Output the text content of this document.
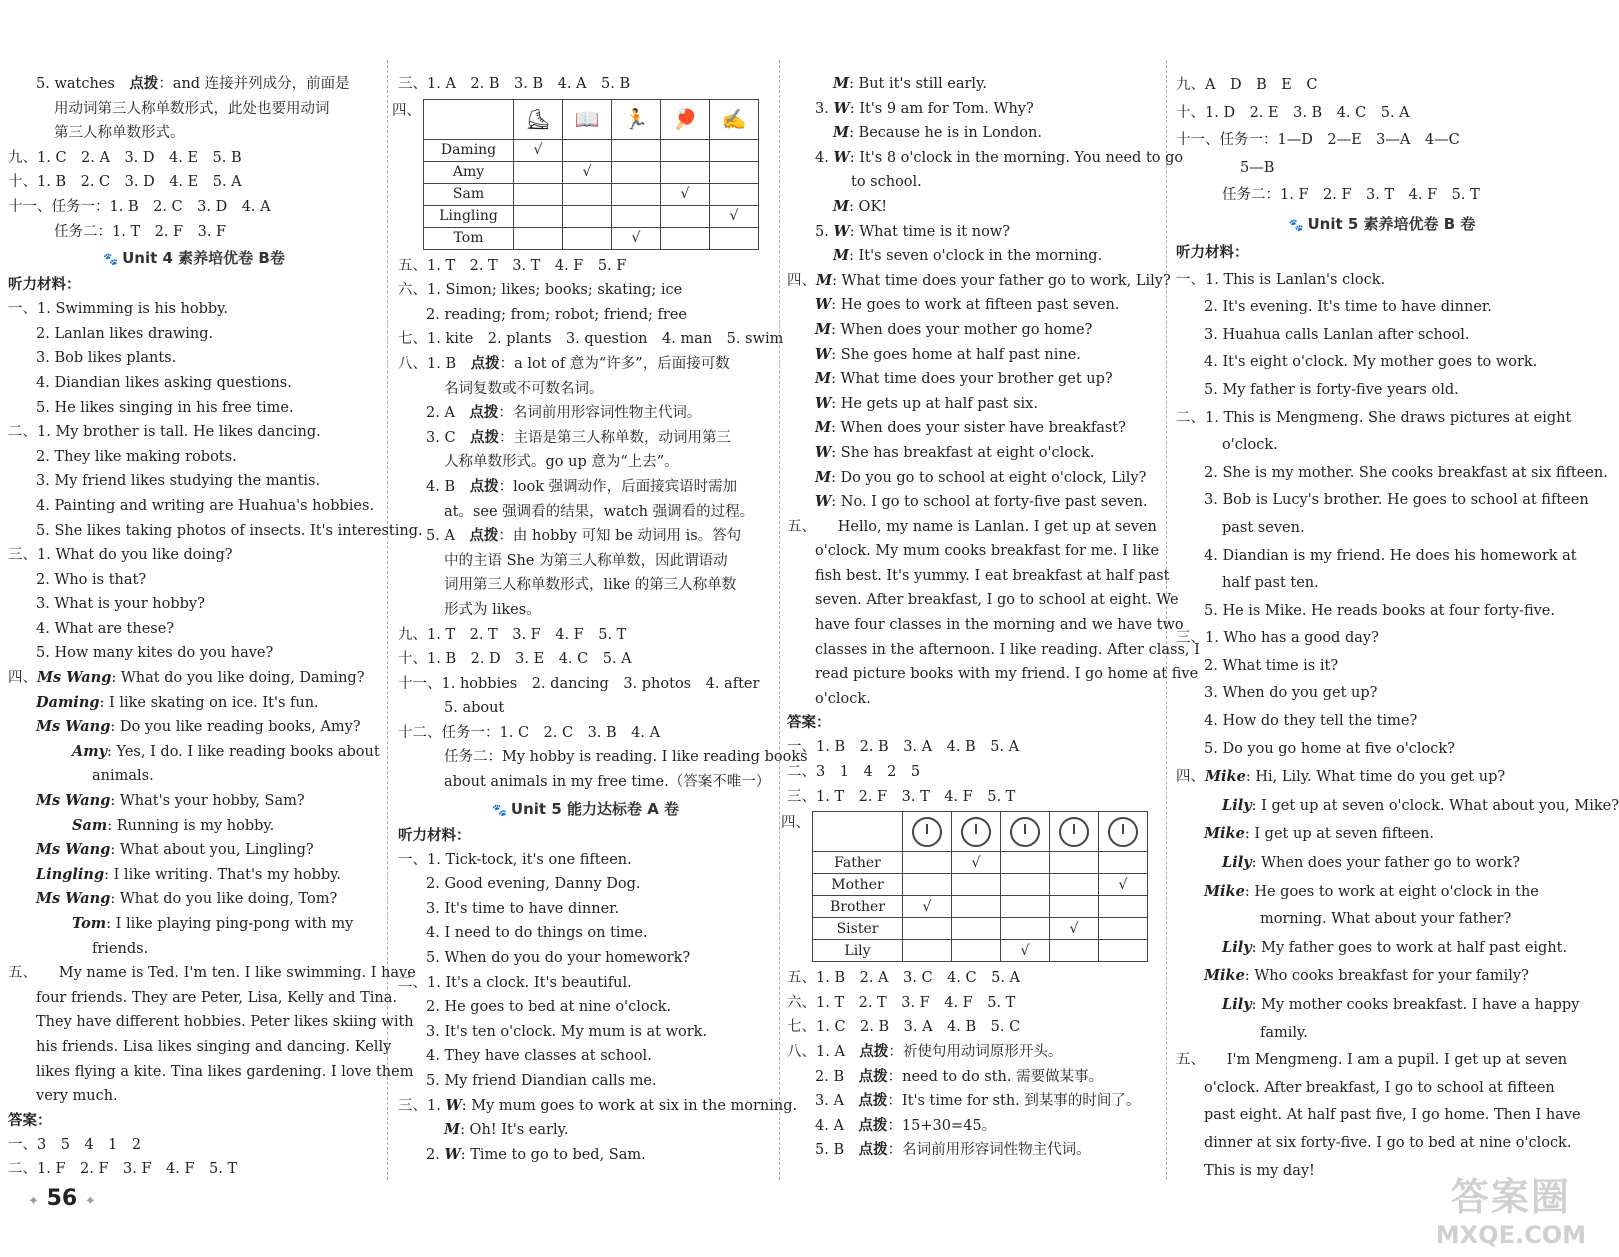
5. watches　点拨：and 连接并列成分，前面是
用动词第三人称单数形式，此处也要用动词
第三人称单数形式。
九、1. C　2. A　3. D　4. E　5. B
十、1. B　2. C　3. D　4. E　5. A
十一、任务一：1. B　2. C　3. D　4. A
任务二：1. T　2. F　3. F
🐾 Unit 4 素养培优卷 B卷
听力材料：
一、1. Swimming is his hobby.
2. Lanlan likes drawing.
3. Bob likes plants.
4. Diandian likes asking questions.
5. He likes singing in his free time.
二、1. My brother is tall. He likes dancing.
2. They like making robots.
3. My friend likes studying the mantis.
4. Painting and writing are Huahua's hobbies.
5. She likes taking photos of insects. It's interesting.
三、1. What do you like doing?
2. Who is that?
3. What is your hobby?
4. What are these?
5. How many kites do you have?
四、Ms Wang: What do you like doing, Daming?
Daming: I like skating on ice. It's fun.
Ms Wang: Do you like reading books, Amy?
Amy: Yes, I do. I like reading books about
animals.
Ms Wang: What's your hobby, Sam?
Sam: Running is my hobby.
Ms Wang: What about you, Lingling?
Lingling: I like writing. That's my hobby.
Ms Wang: What do you like doing, Tom?
Tom: I like playing ping-pong with my
friends.
五、　　My name is Ted. I'm ten. I like swimming. I have
four friends. They are Peter, Lisa, Kelly and Tina.
They have different hobbies. Peter likes skiing with
his friends. Lisa likes singing and dancing. Kelly
likes flying a kite. Tina likes gardening. I love them
very much.
答案：
一、3　5　4　1　2
二、1. F　2. F　3. F　4. F　5. T
三、1. A　2. B　3. B　4. A　5. B
四、
		⛸	📖	🏃	🏓	✍
Daming	√				
Amy		√			
Sam				√	
Lingling					√
Tom			√		
五、1. T　2. T　3. T　4. F　5. F
六、1. Simon; likes; books; skating; ice
2. reading; from; robot; friend; free
七、1. kite　2. plants　3. question　4. man　5. swim
八、1. B　点拨：a lot of 意为“许多”，后面接可数
名词复数或不可数名词。
2. A　点拨：名词前用形容词性物主代词。
3. C　点拨：主语是第三人称单数，动词用第三
人称单数形式。go up 意为“上去”。
4. B　点拨：look 强调动作，后面接宾语时需加
at。see 强调看的结果，watch 强调看的过程。
5. A　点拨：由 hobby 可知 be 动词用 is。答句
中的主语 She 为第三人称单数，因此谓语动
词用第三人称单数形式，like 的第三人称单数
形式为 likes。
九、1. T　2. T　3. F　4. F　5. T
十、1. B　2. D　3. E　4. C　5. A
十一、1. hobbies　2. dancing　3. photos　4. after
5. about
十二、任务一：1. C　2. C　3. B　4. A
任务二：My hobby is reading. I like reading books
about animals in my free time.（答案不唯一）
🐾 Unit 5 能力达标卷 A 卷
听力材料：
一、1. Tick-tock, it's one fifteen.
2. Good evening, Danny Dog.
3. It's time to have dinner.
4. I need to do things on time.
5. When do you do your homework?
二、1. It's a clock. It's beautiful.
2. He goes to bed at nine o'clock.
3. It's ten o'clock. My mum is at work.
4. They have classes at school.
5. My friend Diandian calls me.
三、1. W: My mum goes to work at six in the morning.
M: Oh! It's early.
2. W: Time to go to bed, Sam.
M: But it's still early.
3. W: It's 9 am for Tom. Why?
M: Because he is in London.
4. W: It's 8 o'clock in the morning. You need to go
to school.
M: OK!
5. W: What time is it now?
M: It's seven o'clock in the morning.
四、M: What time does your father go to work, Lily?
W: He goes to work at fifteen past seven.
M: When does your mother go home?
W: She goes home at half past nine.
M: What time does your brother get up?
W: He gets up at half past six.
M: When does your sister have breakfast?
W: She has breakfast at eight o'clock.
M: Do you go to school at eight o'clock, Lily?
W: No. I go to school at forty-five past seven.
五、　　Hello, my name is Lanlan. I get up at seven
o'clock. My mum cooks breakfast for me. I like
fish best. It's yummy. I eat breakfast at half past
seven. After breakfast, I go to school at eight. We
have four classes in the morning and we have two
classes in the afternoon. I like reading. After class, I
read picture books with my friend. I go home at five
o'clock.
答案：
一、1. B　2. B　3. A　4. B　5. A
二、3　1　4　2　5
三、1. T　2. F　3. T　4. F　5. T
四、

Father		√			
Mother					√
Brother	√				
Sister				√	
Lily			√		
五、1. B　2. A　3. C　4. C　5. A
六、1. T　2. T　3. F　4. F　5. T
七、1. C　2. B　3. A　4. B　5. C
八、1. A　点拨：祈使句用动词原形开头。
2. B　点拨：need to do sth. 需要做某事。
3. A　点拨：It's time for sth. 到某事的时间了。
4. A　点拨：15+30=45。
5. B　点拨：名词前用形容词性物主代词。
九、A　D　B　E　C
十、1. D　2. E　3. B　4. C　5. A
十一、任务一：1—D　2—E　3—A　4—C
5—B
任务二：1. F　2. F　3. T　4. F　5. T
🐾 Unit 5 素养培优卷 B 卷
听力材料：
一、1. This is Lanlan's clock.
2. It's evening. It's time to have dinner.
3. Huahua calls Lanlan after school.
4. It's eight o'clock. My mother goes to work.
5. My father is forty-five years old.
二、1. This is Mengmeng. She draws pictures at eight
o'clock.
2. She is my mother. She cooks breakfast at six fifteen.
3. Bob is Lucy's brother. He goes to school at fifteen
past seven.
4. Diandian is my friend. He does his homework at
half past ten.
5. He is Mike. He reads books at four forty-five.
三、1. Who has a good day?
2. What time is it?
3. When do you get up?
4. How do they tell the time?
5. Do you go home at five o'clock?
四、Mike: Hi, Lily. What time do you get up?
Lily: I get up at seven o'clock. What about you, Mike?
Mike: I get up at seven fifteen.
Lily: When does your father go to work?
Mike: He goes to work at eight o'clock in the
morning. What about your father?
Lily: My father goes to work at half past eight.
Mike: Who cooks breakfast for your family?
Lily: My mother cooks breakfast. I have a happy
family.
五、　　I'm Mengmeng. I am a pupil. I get up at seven
o'clock. After breakfast, I go to school at fifteen
past eight. At half past five, I go home. Then I have
dinner at six forty-five. I go to bed at nine o'clock.
This is my day!
✦ 56 ✦	答案圈
MXQE.COM
